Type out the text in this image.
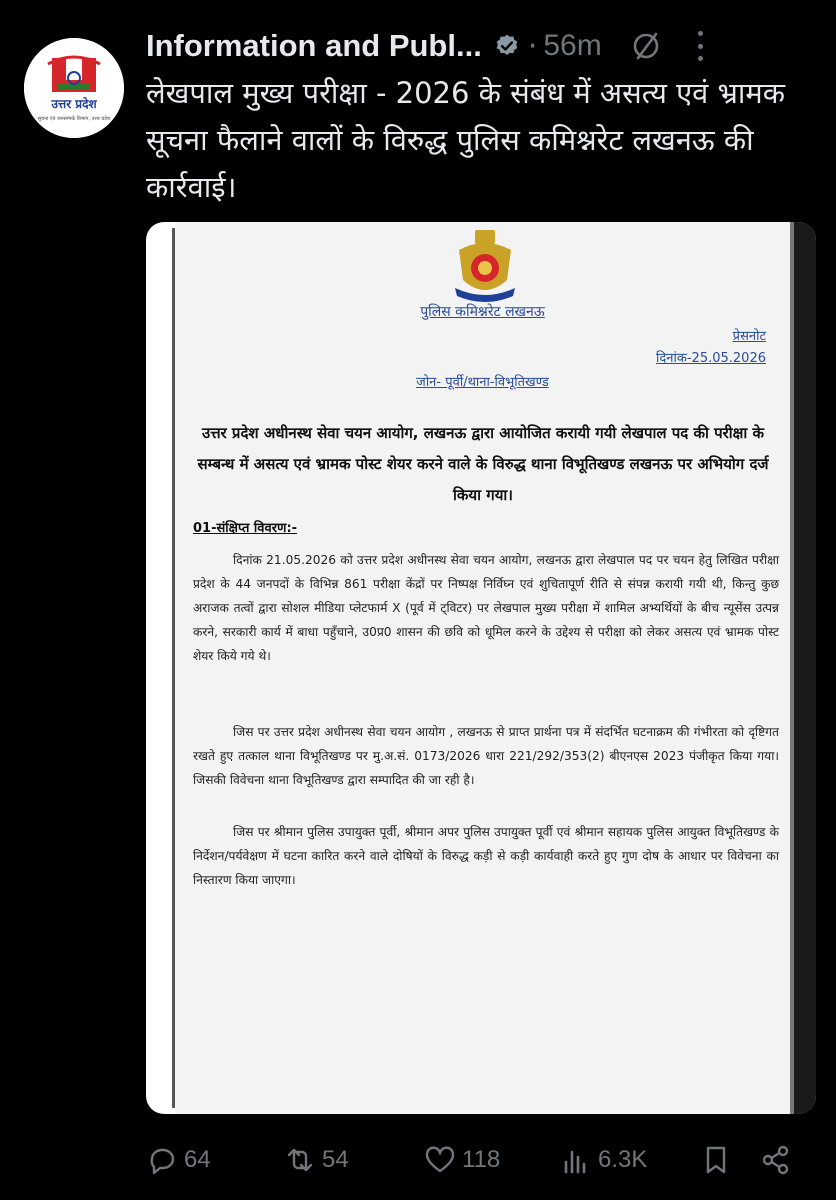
उत्तर प्रदेश
सूचना एवं जनसम्पर्क विभाग, उत्तर प्रदेश
Information and Publ... · 56m
लेखपाल मुख्य परीक्षा - 2026 के संबंध में असत्य एवं भ्रामक सूचना फैलाने वालों के विरुद्ध पुलिस कमिश्नरेट लखनऊ की कार्रवाई।
पुलिस कमिश्नरेट लखनऊ
प्रेसनोट
दिनांक-25.05.2026
जोन- पूर्वी/थाना-विभूतिखण्ड
उत्तर प्रदेश अधीनस्थ सेवा चयन आयोग, लखनऊ द्वारा आयोजित करायी गयी लेखपाल पद की परीक्षा के सम्बन्ध में असत्य एवं भ्रामक पोस्ट शेयर करने वाले के विरुद्ध थाना विभूतिखण्ड लखनऊ पर अभियोग दर्ज किया गया।
01-संक्षिप्त विवरण:-
दिनांक 21.05.2026 को उत्तर प्रदेश अधीनस्थ सेवा चयन आयोग, लखनऊ द्वारा लेखपाल पद पर चयन हेतु लिखित परीक्षा प्रदेश के 44 जनपदों के विभिन्न 861 परीक्षा केंद्रों पर निष्पक्ष निर्विघ्न एवं शुचितापूर्ण रीति से संपन्न करायी गयी थी, किन्तु कुछ अराजक तत्वों द्वारा सोशल मीडिया प्लेटफार्म X (पूर्व में ट्विटर) पर लेखपाल मुख्य परीक्षा में शामिल अभ्यर्थियों के बीच न्यूसेंस उत्पन्न करने, सरकारी कार्य में बाधा पहुँचाने, उ0प्र0 शासन की छवि को धूमिल करने के उद्देश्य से परीक्षा को लेकर असत्य एवं भ्रामक पोस्ट शेयर किये गये थे।
जिस पर उत्तर प्रदेश अधीनस्थ सेवा चयन आयोग , लखनऊ से प्राप्त प्रार्थना पत्र में संदर्भित घटनाक्रम की गंभीरता को दृष्टिगत रखते हुए तत्काल थाना विभूतिखण्ड पर मु.अ.सं. 0173/2026 धारा 221/292/353(2) बीएनएस 2023 पंजीकृत किया गया। जिसकी विवेचना थाना विभूतिखण्ड द्वारा सम्पादित की जा रही है।
जिस पर श्रीमान पुलिस उपायुक्त पूर्वी, श्रीमान अपर पुलिस उपायुक्त पूर्वी एवं श्रीमान सहायक पुलिस आयुक्त विभूतिखण्ड के निर्देशन/पर्यवेक्षण में घटना कारित करने वाले दोषियों के विरुद्ध कड़ी से कड़ी कार्यवाही करते हुए गुण दोष के आधार पर विवेचना का निस्तारण किया जाएगा।
64	54	118	6.3K
